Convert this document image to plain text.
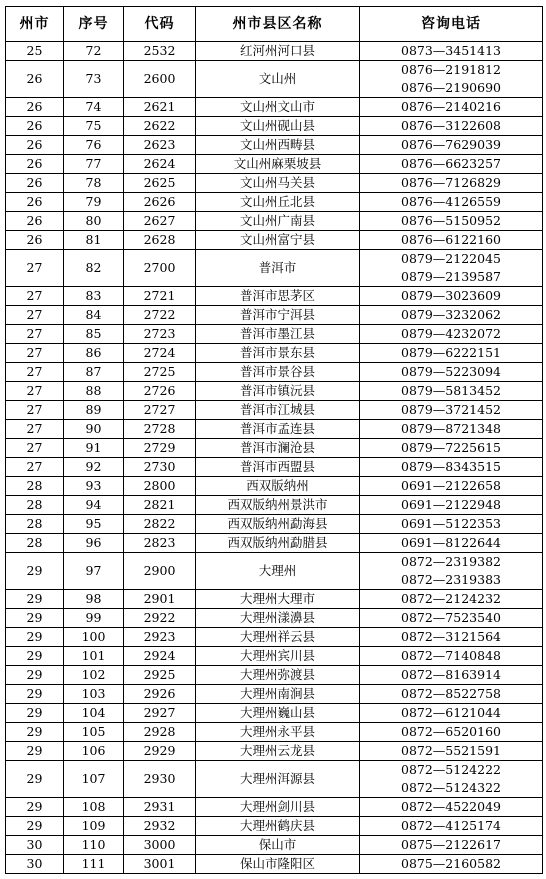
州市	序号	代码	州市县区名称	咨询电话
25	72	2532	红河州河口县	0873—3451413

26	73	2600	文山州	0876—2191812
0876—2190690

26	74	2621	文山州文山市	0876—2140216

26	75	2622	文山州砚山县	0876—3122608

26	76	2623	文山州西畴县	0876—7629039

26	77	2624	文山州麻栗坡县	0876—6623257

26	78	2625	文山州马关县	0876—7126829

26	79	2626	文山州丘北县	0876—4126559

26	80	2627	文山州广南县	0876—5150952

26	81	2628	文山州富宁县	0876—6122160

27	82	2700	普洱市	0879—2122045
0879—2139587

27	83	2721	普洱市思茅区	0879—3023609

27	84	2722	普洱市宁洱县	0879—3232062

27	85	2723	普洱市墨江县	0879—4232072

27	86	2724	普洱市景东县	0879—6222151

27	87	2725	普洱市景谷县	0879—5223094

27	88	2726	普洱市镇沅县	0879—5813452

27	89	2727	普洱市江城县	0879—3721452

27	90	2728	普洱市孟连县	0879—8721348

27	91	2729	普洱市澜沧县	0879—7225615

27	92	2730	普洱市西盟县	0879—8343515

28	93	2800	西双版纳州	0691—2122658

28	94	2821	西双版纳州景洪市	0691—2122948

28	95	2822	西双版纳州勐海县	0691—5122353

28	96	2823	西双版纳州勐腊县	0691—8122644

29	97	2900	大理州	0872—2319382
0872—2319383

29	98	2901	大理州大理市	0872—2124232

29	99	2922	大理州漾濞县	0872—7523540

29	100	2923	大理州祥云县	0872—3121564

29	101	2924	大理州宾川县	0872—7140848

29	102	2925	大理州弥渡县	0872—8163914

29	103	2926	大理州南涧县	0872—8522758

29	104	2927	大理州巍山县	0872—6121044

29	105	2928	大理州永平县	0872—6520160

29	106	2929	大理州云龙县	0872—5521591

29	107	2930	大理州洱源县	0872—5124222
0872—5124322

29	108	2931	大理州剑川县	0872—4522049

29	109	2932	大理州鹤庆县	0872—4125174

30	110	3000	保山市	0875—2122617

30	111	3001	保山市隆阳区	0875—2160582
